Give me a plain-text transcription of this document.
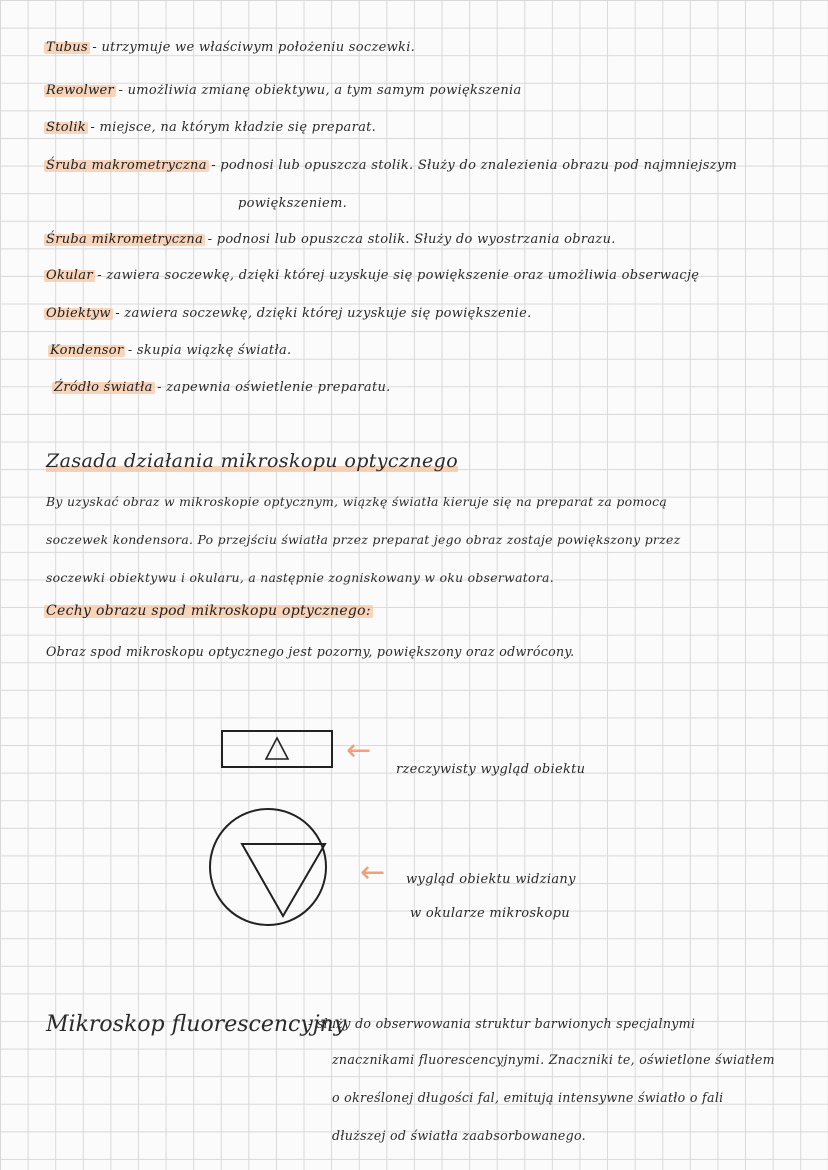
Tubus - utrzymuje we właściwym położeniu soczewki.
Rewolwer - umożliwia zmianę obiektywu, a tym samym powiększenia
Stolik - miejsce, na którym kładzie się preparat.
Śruba makrometryczna - podnosi lub opuszcza stolik. Służy do znalezienia obrazu pod najmniejszym
powiększeniem.
Śruba mikrometryczna - podnosi lub opuszcza stolik. Służy do wyostrzania obrazu.
Okular - zawiera soczewkę, dzięki której uzyskuje się powiększenie oraz umożliwia obserwację
Obiektyw - zawiera soczewkę, dzięki której uzyskuje się powiększenie.
Kondensor - skupia wiązkę światła.
Źródło światła - zapewnia oświetlenie preparatu.
Zasada działania mikroskopu optycznego
By uzyskać obraz w mikroskopie optycznym, wiązkę światła kieruje się na preparat za pomocą
soczewek kondensora. Po przejściu światła przez preparat jego obraz zostaje powiększony przez
soczewki obiektywu i okularu, a następnie zogniskowany w oku obserwatora.
Cechy obrazu spod mikroskopu optycznego:
Obraz spod mikroskopu optycznego jest pozorny, powiększony oraz odwrócony.
←
rzeczywisty wygląd obiektu
← wygląd obiektu widziany
w okularze mikroskopu
Mikroskop fluorescencyjny
- służy do obserwowania struktur barwionych specjalnymi
znacznikami fluorescencyjnymi. Znaczniki te, oświetlone światłem
o określonej długości fal, emitują intensywne światło o fali
dłuższej od światła zaabsorbowanego.
